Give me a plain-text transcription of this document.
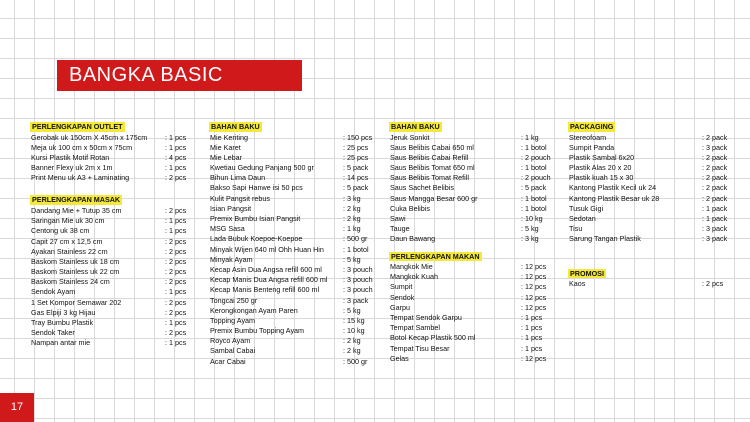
BANGKA BASIC
PERLENGKAPAN OUTLET
Gerobak uk 150cm X 45cm x 175cm	: 1 pcs
Meja uk 100 cm x 50cm x 75cm	: 1 pcs
Kursi Plastik Motif Rotan	: 4 pcs
Banner Flexy uk 2m x 1m	: 1 pcs
Print Menu uk A3 + Laminating	: 2 pcs
PERLENGKAPAN MASAK
Dandang Mie + Tutup 35 cm	: 2 pcs
Saringan Mie uk 30 cm	: 1 pcs
Centong uk 38 cm	: 1 pcs
Capit 27 cm x 12,5 cm	: 2 pcs
Ayakan Stainless 22 cm	: 2 pcs
Baskom Stainless uk 18 cm	: 2 pcs
Baskom Stainless uk 22 cm	: 2 pcs
Baskom Stainless 24 cm	: 2 pcs
Sendok Ayam	: 1 pcs
1 Set Kompor Semawar 202	: 2 pcs
Gas Elpiji 3 kg Hijau	: 2 pcs
Tray Bumbu Plastik	: 1 pcs
Sendok Taker	: 2 pcs
Nampan antar mie	: 1 pcs
BAHAN BAKU
Mie Keriting	: 150 pcs
Mie Karet	: 25 pcs
Mie Lebar	: 25 pcs
Kwetiau Gedung Panjang 500 gr	: 5 pack
Bihun Lima Daun	: 14 pcs
Bakso Sapi Hanwe isi 50 pcs	: 5 pack
Kulit Pangsit rebus	: 3 kg
Isian Pangsit	: 2 kg
Premix Bumbu Isian Pangsit	: 2 kg
MSG Sasa	: 1 kg
Lada Bubuk Koepoe-Koepoe	: 500 gr
Minyak Wijen 640 ml Ohh Huan Hin	: 1 botol
Minyak Ayam	: 5 kg
Kecap Asin Dua Angsa refill 600 ml	: 3 pouch
Kecap Manis Dua Angsa refill 600 ml	: 3 pouch
Kecap Manis Benteng refill 600 ml	: 3 pouch
Tongcai 250 gr	: 3 pack
Kerongkongan Ayam Paren	: 5 kg
Topping Ayam	: 15 kg
Premix Bumbu Topping Ayam	: 10 kg
Royco Ayam	: 2 kg
Sambal Cabai	: 2 kg
Acar Cabai	: 500 gr
BAHAN BAKU
Jeruk Sonkit	: 1 kg
Saus Belibis Cabai 650 ml	: 1 botol
Saus Belibis Cabai Refill	: 2 pouch
Saus Belibis Tomat 650 ml	: 1 botol
Saus Belibis Tomat Refill	: 2 pouch
Saus Sachet Belibis	: 5 pack
Saus Mangga Besar 600 gr	: 1 botol
Cuka Belibis	: 1 botol
Sawi	: 10 kg
Tauge	: 5 kg
Daun Bawang	: 3 kg
PERLENGKAPAN MAKAN
Mangkok Mie	: 12 pcs
Mangkok Kuah	: 12 pcs
Sumpit	: 12 pcs
Sendok	: 12 pcs
Garpu	: 12 pcs
Tempat Sendok Garpu	: 1 pcs
Tempat Sambel	: 1 pcs
Botol Kecap Plastik 500 ml	: 1 pcs
Tempat Tisu Besar	: 1 pcs
Gelas	: 12 pcs
PACKAGING
Stereofoam	: 2 pack
Sumpit Panda	: 3 pack
Plastik Sambal 6x20	: 2 pack
Plastik Alas 20 x 20	: 2 pack
Plastik kuah 15 x 30	: 2 pack
Kantong Plastik Kecil uk 24	: 2 pack
Kantong Plastik Besar uk 28	: 2 pack
Tusuk Gigi	: 1 pack
Sedotan	: 1 pack
Tisu	: 3 pack
Sarung Tangan Plastik	: 3 pack
PROMOSI
Kaos	: 2 pcs
17
